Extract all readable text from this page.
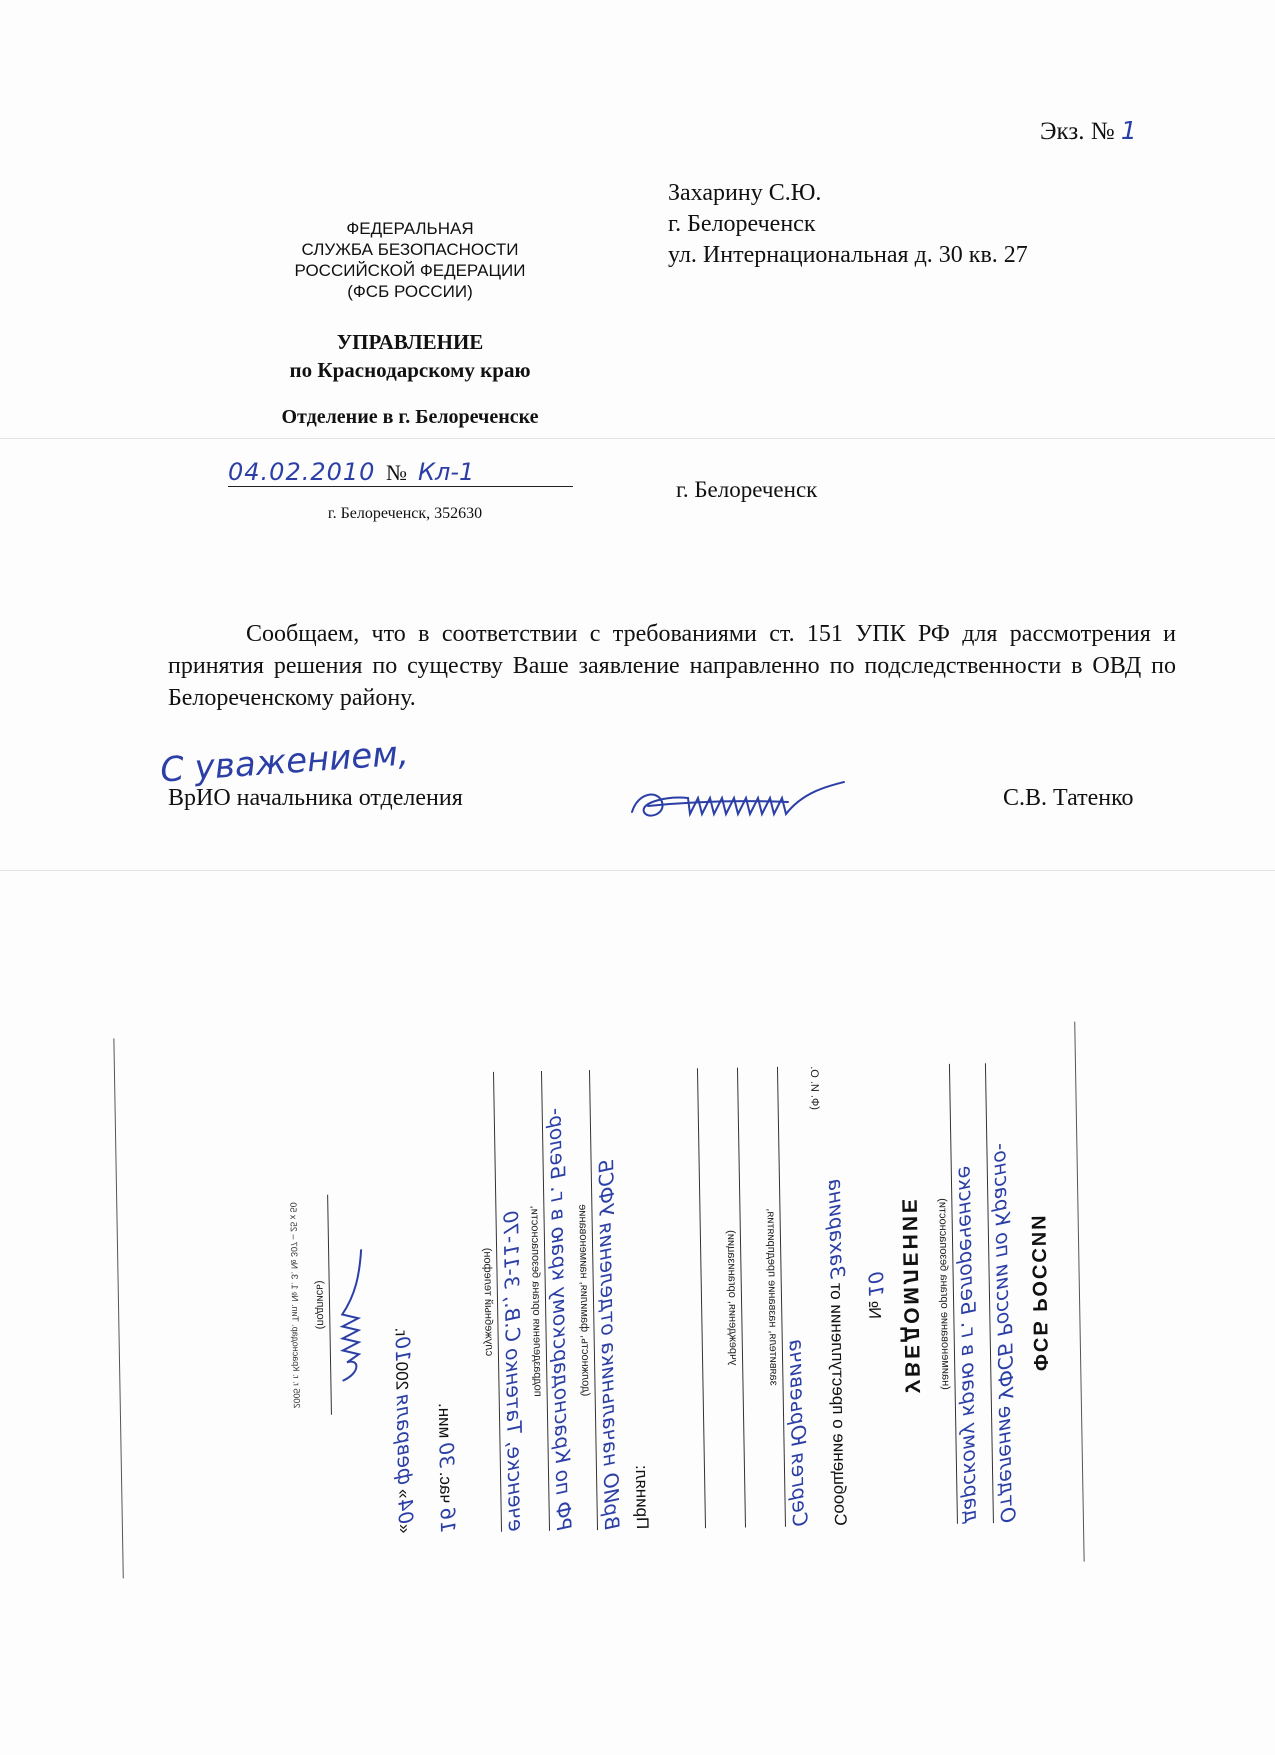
Экз. № 1
Захарину С.Ю.
г. Белореченск
ул. Интернациональная д. 30 кв. 27
ФЕДЕРАЛЬНАЯ
СЛУЖБА БЕЗОПАСНОСТИ
РОССИЙСКОЙ ФЕДЕРАЦИИ
(ФСБ РОССИИ)
УПРАВЛЕНИЕ
по Краснодарскому краю
Отделение в г. Белореченске
04.02.2010 № Кл-1
г. Белореченск, 352630
г. Белореченск

Сообщаем, что в соответствии с требованиями ст. 151 УПК РФ для рассмотрения и принятия решения по существу Ваше заявление направленно по подследственности в ОВД по Белореченскому району.

С уважением,
ВрИО начальника отделения	С.В. Татенко
ФСБ РОССИИ
Отделение УФСБ России по Красно-
дарскому краю в г. Белореченске
(наименование органа безопасности)
УВЕДОМЛЕНИЕ
№ 10
Сообщение о преступлении от Захарина
(Ф. И. О.
Сергея Юрьевича
заявителя, название предприятия,
учреждения, организации)
Принял:
ВрИО начальника отделения УФСБ
(должность, фамилия, наименование
РФ по Краснодарскому краю в г. Белор-
подразделения органа безопасности,
еченске, Татенко С.В., 3-11-70
служебный телефон)
16 час. 30 мин.
«04» февраля 20010г.
(подпись)
2005 г. г. Краснодар. Тип. № 1. З. № 307 – 25 х 50
